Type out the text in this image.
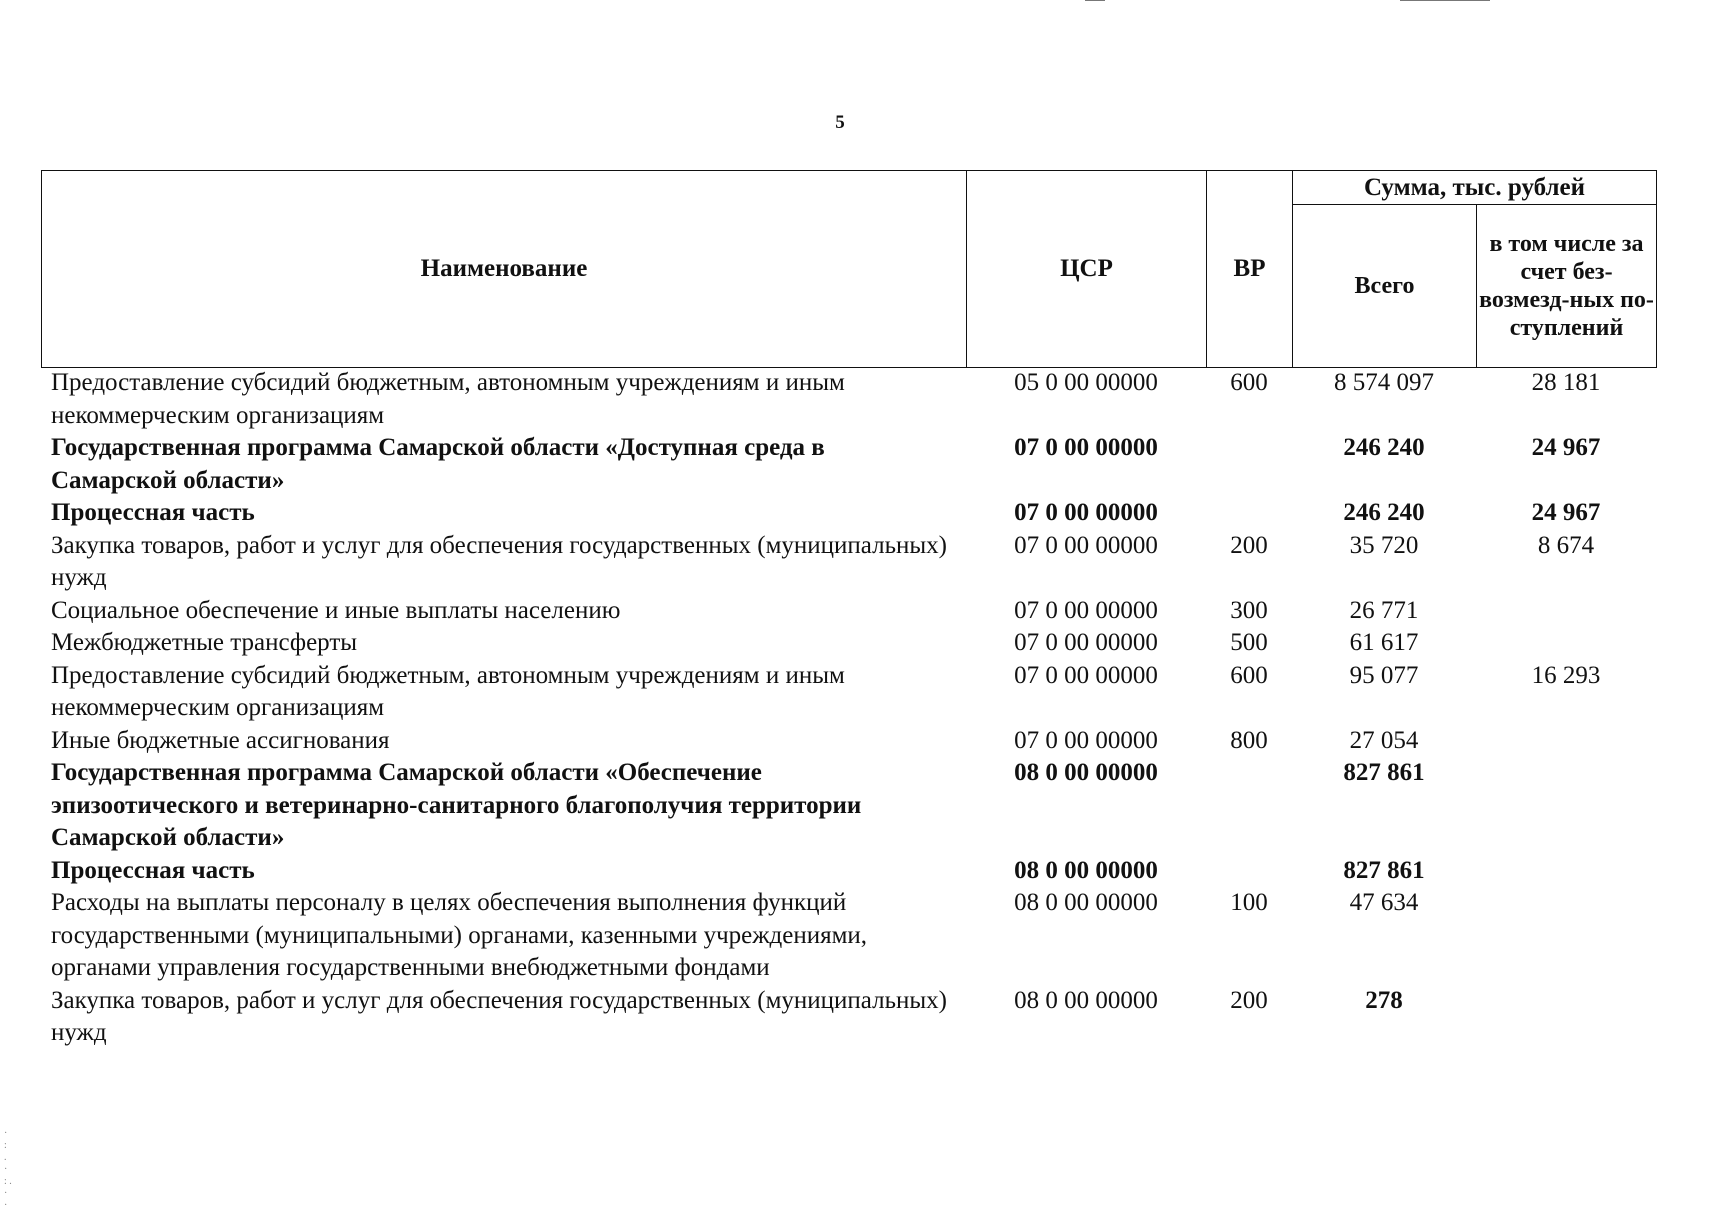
5
Наименование	ЦСР	ВР	Сумма, тыс. рублей	
			Всего	в том числе за счет без-возмезд-ных по-ступлений
Предоставление субсидий бюджетным, автономным учреждениям и иным некоммерческим организациям	05 0 00 00000	600	8 574 097	28 181
Государственная программа Самарской области «Доступная среда в Самарской области»	07 0 00 00000		246 240	24 967
Процессная часть	07 0 00 00000		246 240	24 967
Закупка товаров, работ и услуг для обеспечения государственных (муниципальных) нужд	07 0 00 00000	200	35 720	8 674
Социальное обеспечение и иные выплаты населению	07 0 00 00000	300	26 771	
Межбюджетные трансферты	07 0 00 00000	500	61 617	
Предоставление субсидий бюджетным, автономным учреждениям и иным некоммерческим организациям	07 0 00 00000	600	95 077	16 293
Иные бюджетные ассигнования	07 0 00 00000	800	27 054	
Государственная программа Самарской области «Обеспечение эпизоотического и ветеринарно-санитарного благополучия территории Самарской области»	08 0 00 00000		827 861	
Процессная часть	08 0 00 00000		827 861	
Расходы на выплаты персоналу в целях обеспечения выполнения функций государственными (муниципальными) органами, казенными учреждениями, органами управления государственными внебюджетными фондами	08 0 00 00000	100	47 634	
Закупка товаров, работ и услуг для обеспечения государственных (муниципальных) нужд	08 0 00 00000	200	278	
· :
. ·
: .
· ·
